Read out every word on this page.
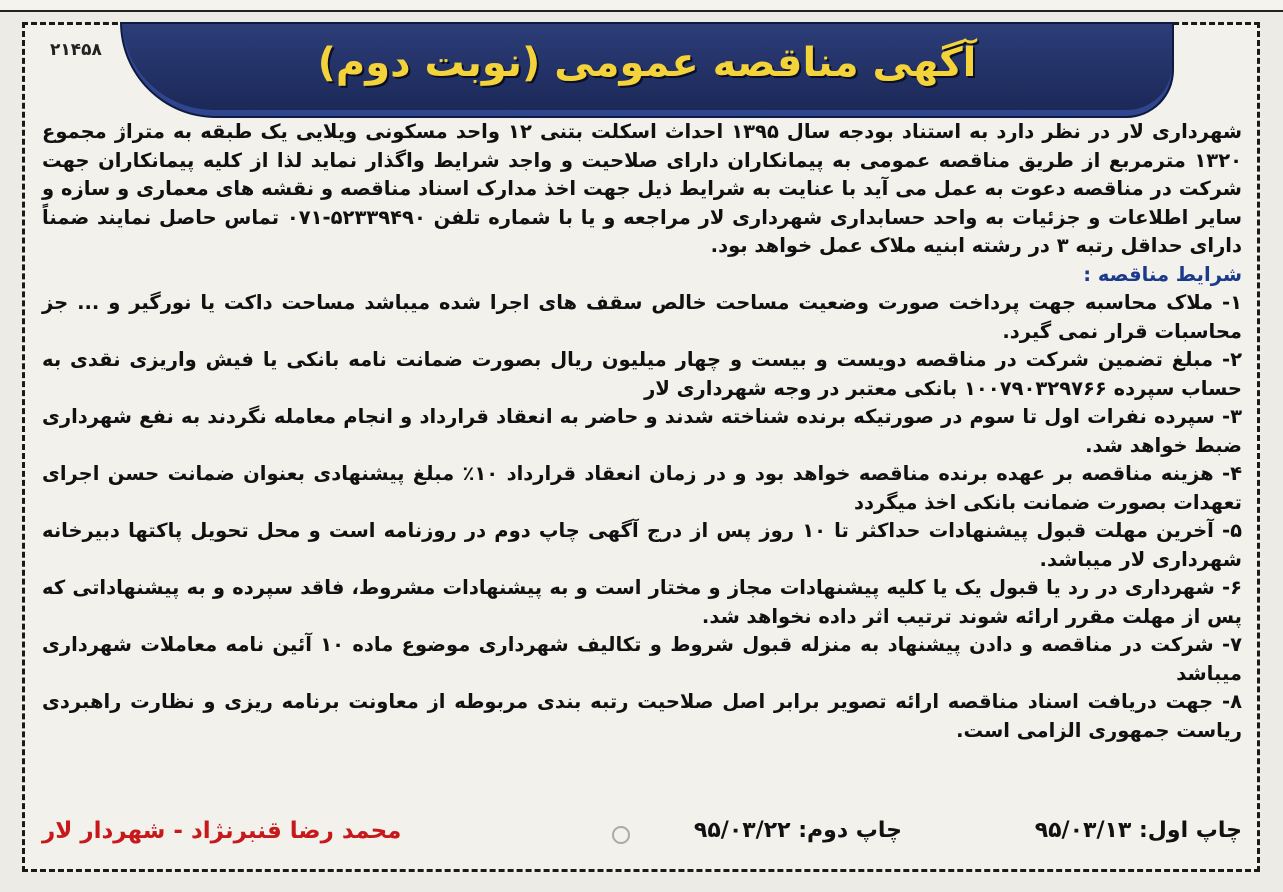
آگهی مناقصه عمومی (نوبت دوم)
۲۱۴۵۸

شهرداری لار در نظر دارد به استناد بودجه سال ۱۳۹۵ احداث اسکلت بتنی ۱۲ واحد مسکونی ویلایی یک طبقه به متراژ مجموع ۱۳۲۰ مترمربع از طریق مناقصه عمومی به پیمانکاران دارای صلاحیت و واجد شرایط واگذار نماید لذا از کلیه پیمانکاران جهت شرکت در مناقصه دعوت به عمل می آید با عنایت به شرایط ذیل جهت اخذ مدارک اسناد مناقصه و نقشه های معماری و سازه و سایر اطلاعات و جزئیات به واحد حسابداری شهرداری لار مراجعه و یا با شماره تلفن ۵۲۳۳۹۴۹۰-۰۷۱ تماس حاصل نمایند ضمناً دارای حداقل رتبه ۳ در رشته ابنیه ملاک عمل خواهد بود.

شرایط مناقصه :

۱- ملاک محاسبه جهت پرداخت صورت وضعیت مساحت خالص سقف های اجرا شده میباشد مساحت داکت یا نورگیر و ... جز محاسبات قرار نمی گیرد.

۲- مبلغ تضمین شرکت در مناقصه دویست و بیست و چهار میلیون ریال بصورت ضمانت نامه بانکی یا فیش واریزی نقدی به حساب سپرده ۱۰۰۷۹۰۳۲۹۷۶۶ بانکی معتبر در وجه شهرداری لار

۳- سپرده نفرات اول تا سوم در صورتیکه برنده شناخته شدند و حاضر به انعقاد قرارداد و انجام معامله نگردند به نفع شهرداری ضبط خواهد شد.

۴- هزینه مناقصه بر عهده برنده مناقصه خواهد بود و در زمان انعقاد قرارداد ۱۰٪ مبلغ پیشنهادی بعنوان ضمانت حسن اجرای تعهدات بصورت ضمانت بانکی اخذ میگردد

۵- آخرین مهلت قبول پیشنهادات حداکثر تا ۱۰ روز پس از درج آگهی چاپ دوم در روزنامه است و محل تحویل پاکتها دبیرخانه شهرداری لار میباشد.

۶- شهرداری در رد یا قبول یک یا کلیه پیشنهادات مجاز و مختار است و به پیشنهادات مشروط، فاقد سپرده و به پیشنهاداتی که پس از مهلت مقرر ارائه شوند ترتیب اثر داده نخواهد شد.

۷- شرکت در مناقصه و دادن پیشنهاد به منزله قبول شروط و تکالیف شهرداری موضوع ماده ۱۰ آئین نامه معاملات شهرداری میباشد

۸- جهت دریافت اسناد مناقصه ارائه تصویر برابر اصل صلاحیت رتبه بندی مربوطه از معاونت برنامه ریزی و نظارت راهبردی ریاست جمهوری الزامی است.

چاپ اول: ۹۵/۰۳/۱۳
چاپ دوم: ۹۵/۰۳/۲۲
محمد رضا قنبرنژاد - شهردار لار
